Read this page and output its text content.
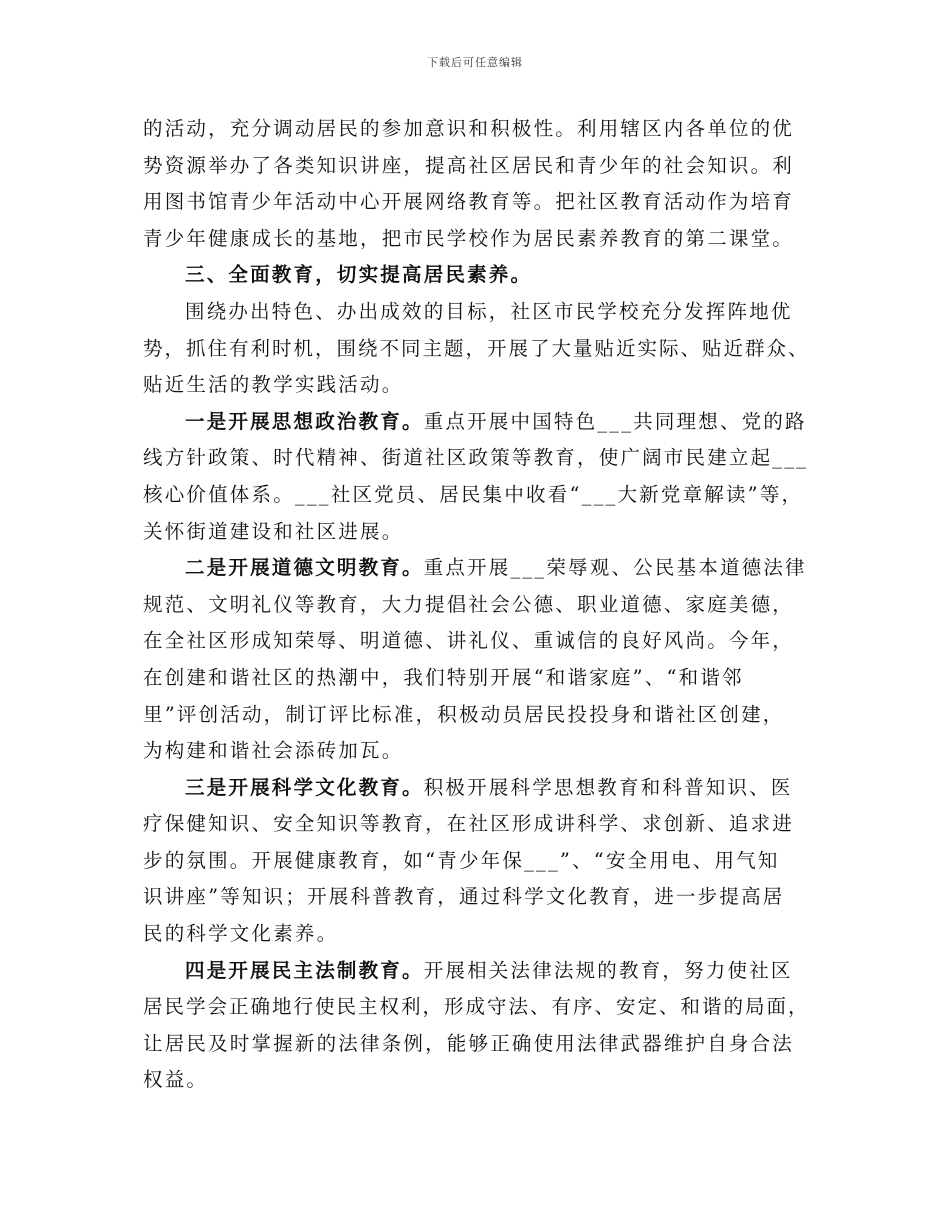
下载后可任意编辑
的活动，充分调动居民的参加意识和积极性。利用辖区内各单位的优
势资源举办了各类知识讲座，提高社区居民和青少年的社会知识。利
用图书馆青少年活动中心开展网络教育等。把社区教育活动作为培育
青少年健康成长的基地，把市民学校作为居民素养教育的第二课堂。
三、全面教育，切实提高居民素养。
围绕办出特色、办出成效的目标，社区市民学校充分发挥阵地优
势，抓住有利时机，围绕不同主题，开展了大量贴近实际、贴近群众、
贴近生活的教学实践活动。
一是开展思想政治教育。重点开展中国特色___共同理想、党的路
线方针政策、时代精神、街道社区政策等教育，使广阔市民建立起___
核心价值体系。___社区党员、居民集中收看“___大新党章解读”等，
关怀街道建设和社区进展。
二是开展道德文明教育。重点开展___荣辱观、公民基本道德法律
规范、文明礼仪等教育，大力提倡社会公德、职业道德、家庭美德，
在全社区形成知荣辱、明道德、讲礼仪、重诚信的良好风尚。今年，
在创建和谐社区的热潮中，我们特别开展“和谐家庭”、“和谐邻
里”评创活动，制订评比标准，积极动员居民投投身和谐社区创建，
为构建和谐社会添砖加瓦。
三是开展科学文化教育。积极开展科学思想教育和科普知识、医
疗保健知识、安全知识等教育，在社区形成讲科学、求创新、追求进
步的氛围。开展健康教育，如“青少年保___”、“安全用电、用气知
识讲座”等知识；开展科普教育，通过科学文化教育，进一步提高居
民的科学文化素养。
四是开展民主法制教育。开展相关法律法规的教育，努力使社区
居民学会正确地行使民主权利，形成守法、有序、安定、和谐的局面，
让居民及时掌握新的法律条例，能够正确使用法律武器维护自身合法
权益。
